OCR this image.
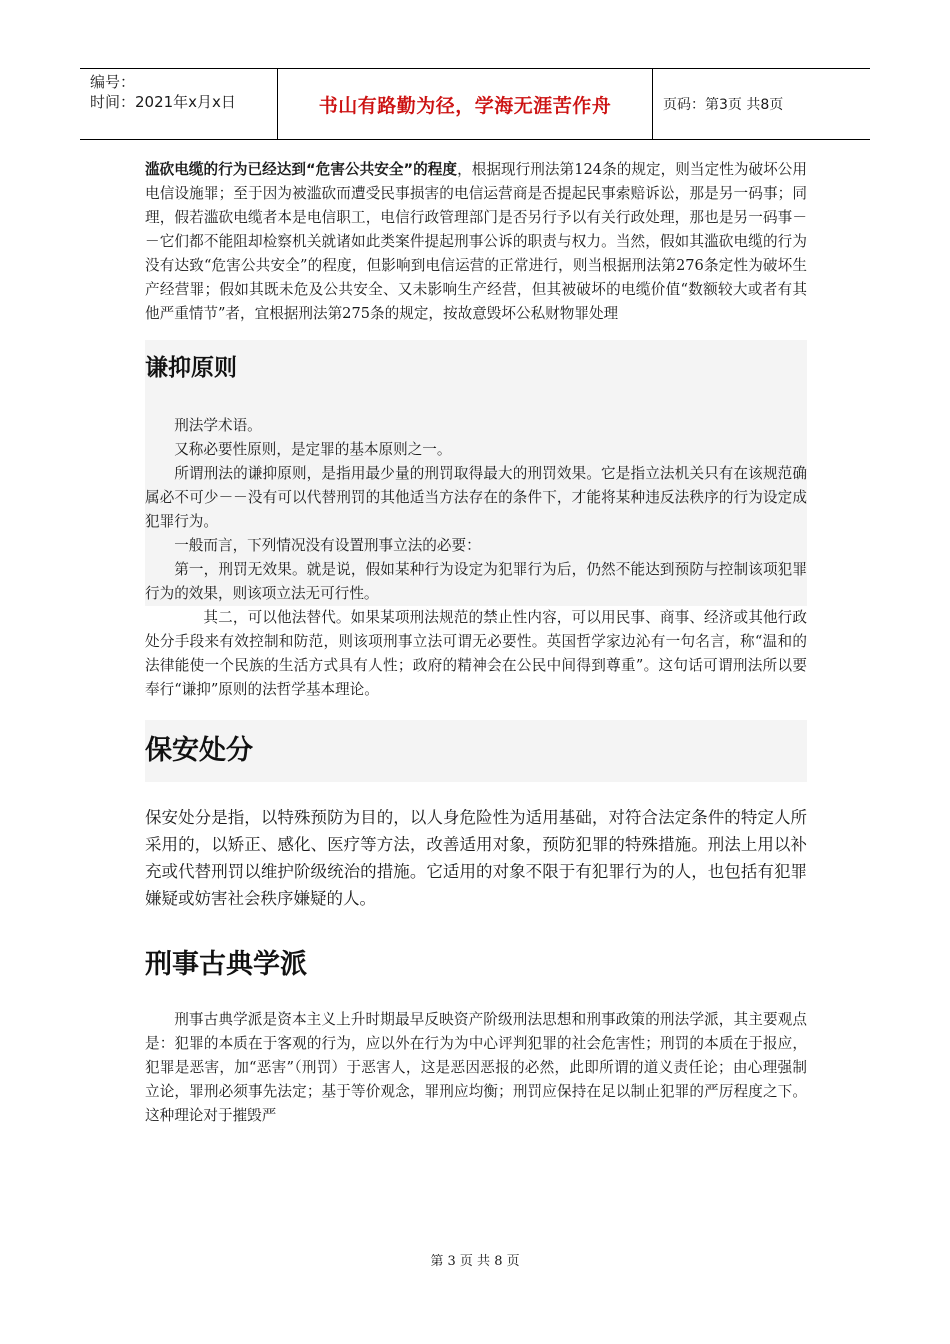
编号：
时间：2021年x月x日	书山有路勤为径，学海无涯苦作舟	页码：第3页 共8页

滥砍电缆的行为已经达到“危害公共安全”的程度，根据现行刑法第124条的规定，则当定性为破坏公用电信设施罪；至于因为被滥砍而遭受民事损害的电信运营商是否提起民事索赔诉讼，那是另一码事；同理，假若滥砍电缆者本是电信职工，电信行政管理部门是否另行予以有关行政处理，那也是另一码事－－它们都不能阻却检察机关就诸如此类案件提起刑事公诉的职责与权力。当然，假如其滥砍电缆的行为没有达致“危害公共安全”的程度，但影响到电信运营的正常进行，则当根据刑法第276条定性为破坏生产经营罪；假如其既未危及公共安全、又未影响生产经营，但其被破坏的电缆价值“数额较大或者有其他严重情节”者，宜根据刑法第275条的规定，按故意毁坏公私财物罪处理

谦抑原则

刑法学术语。

又称必要性原则，是定罪的基本原则之一。

所谓刑法的谦抑原则，是指用最少量的刑罚取得最大的刑罚效果。它是指立法机关只有在该规范确属必不可少－－没有可以代替刑罚的其他适当方法存在的条件下，才能将某种违反法秩序的行为设定成犯罪行为。

一般而言，下列情况没有设置刑事立法的必要：

第一，刑罚无效果。就是说，假如某种行为设定为犯罪行为后，仍然不能达到预防与控制该项犯罪行为的效果，则该项立法无可行性。

其二，可以他法替代。如果某项刑法规范的禁止性内容，可以用民事、商事、经济或其他行政处分手段来有效控制和防范，则该项刑事立法可谓无必要性。英国哲学家边沁有一句名言，称“温和的法律能使一个民族的生活方式具有人性；政府的精神会在公民中间得到尊重”。这句话可谓刑法所以要奉行“谦抑”原则的法哲学基本理论。

保安处分

保安处分是指，以特殊预防为目的，以人身危险性为适用基础，对符合法定条件的特定人所采用的，以矫正、感化、医疗等方法，改善适用对象，预防犯罪的特殊措施。刑法上用以补充或代替刑罚以维护阶级统治的措施。它适用的对象不限于有犯罪行为的人，也包括有犯罪嫌疑或妨害社会秩序嫌疑的人。

刑事古典学派

刑事古典学派是资本主义上升时期最早反映资产阶级刑法思想和刑事政策的刑法学派，其主要观点是：犯罪的本质在于客观的行为，应以外在行为为中心评判犯罪的社会危害性；刑罚的本质在于报应，犯罪是恶害，加“恶害”（刑罚）于恶害人，这是恶因恶报的必然，此即所谓的道义责任论；由心理强制立论，罪刑必须事先法定；基于等价观念，罪刑应均衡；刑罚应保持在足以制止犯罪的严厉程度之下。这种理论对于摧毁严

第 3 页 共 8 页
